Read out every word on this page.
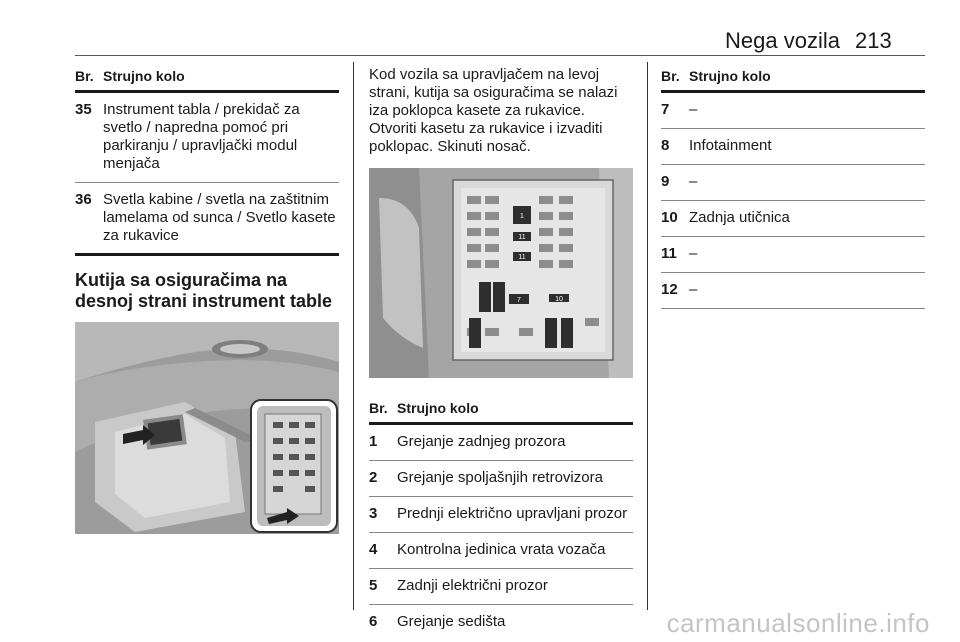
Nega vozila 213
Br. Strujno kolo
35 Instrument tabla / prekidač za svetlo / napredna pomoć pri parkiranju / upravljački modul menjača
36 Svetla kabine / svetla na zaštitnim lamelama od sunca / Svetlo kasete za rukavice
Kutija sa osiguračima na desnoj strani instrument table
Kod vozila sa upravljačem na levoj strani, kutija sa osiguračima se nalazi iza poklopca kasete za rukavice. Otvoriti kasetu za rukavice i izvaditi poklopac. Skinuti nosač.
1
11
11
7	10
Br. Strujno kolo
1	Grejanje zadnjeg prozora
2	Grejanje spoljašnjih retrovizora
3	Prednji električno upravljani prozor
4	Kontrolna jedinica vrata vozača
5	Zadnji električni prozor
6	Grejanje sedišta
Br. Strujno kolo
7	–
8	Infotainment
9	–
10 Zadnja utičnica
11 –
12 –
carmanualsonline.info
